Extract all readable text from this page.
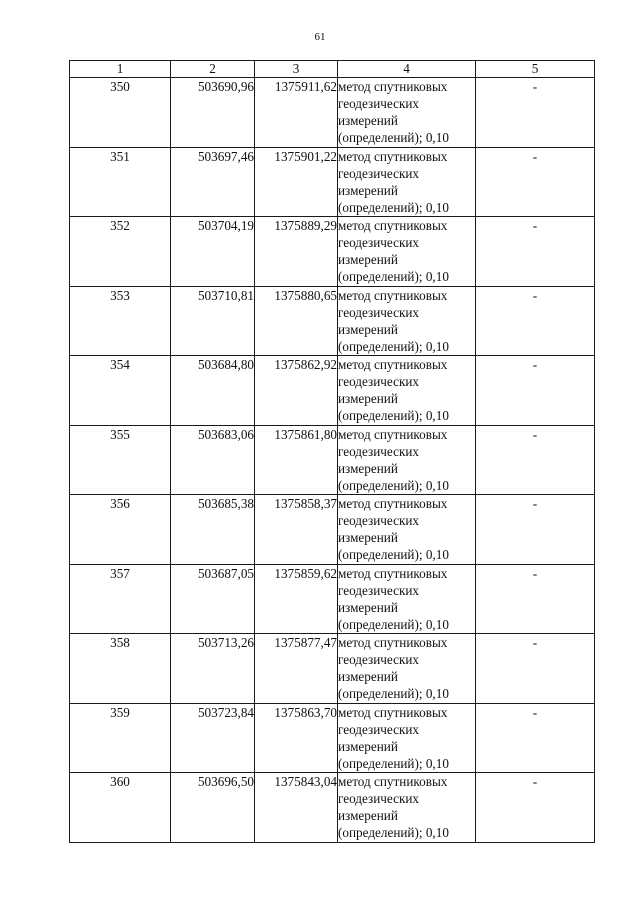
61
1	2	3	4	5
350	503690,96	1375911,62	метод спутниковых
геодезических
измерений
(определений); 0,10	-
351	503697,46	1375901,22	метод спутниковых
геодезических
измерений
(определений); 0,10	-
352	503704,19	1375889,29	метод спутниковых
геодезических
измерений
(определений); 0,10	-
353	503710,81	1375880,65	метод спутниковых
геодезических
измерений
(определений); 0,10	-
354	503684,80	1375862,92	метод спутниковых
геодезических
измерений
(определений); 0,10	-
355	503683,06	1375861,80	метод спутниковых
геодезических
измерений
(определений); 0,10	-
356	503685,38	1375858,37	метод спутниковых
геодезических
измерений
(определений); 0,10	-
357	503687,05	1375859,62	метод спутниковых
геодезических
измерений
(определений); 0,10	-
358	503713,26	1375877,47	метод спутниковых
геодезических
измерений
(определений); 0,10	-
359	503723,84	1375863,70	метод спутниковых
геодезических
измерений
(определений); 0,10	-
360	503696,50	1375843,04	метод спутниковых
геодезических
измерений
(определений); 0,10	-
